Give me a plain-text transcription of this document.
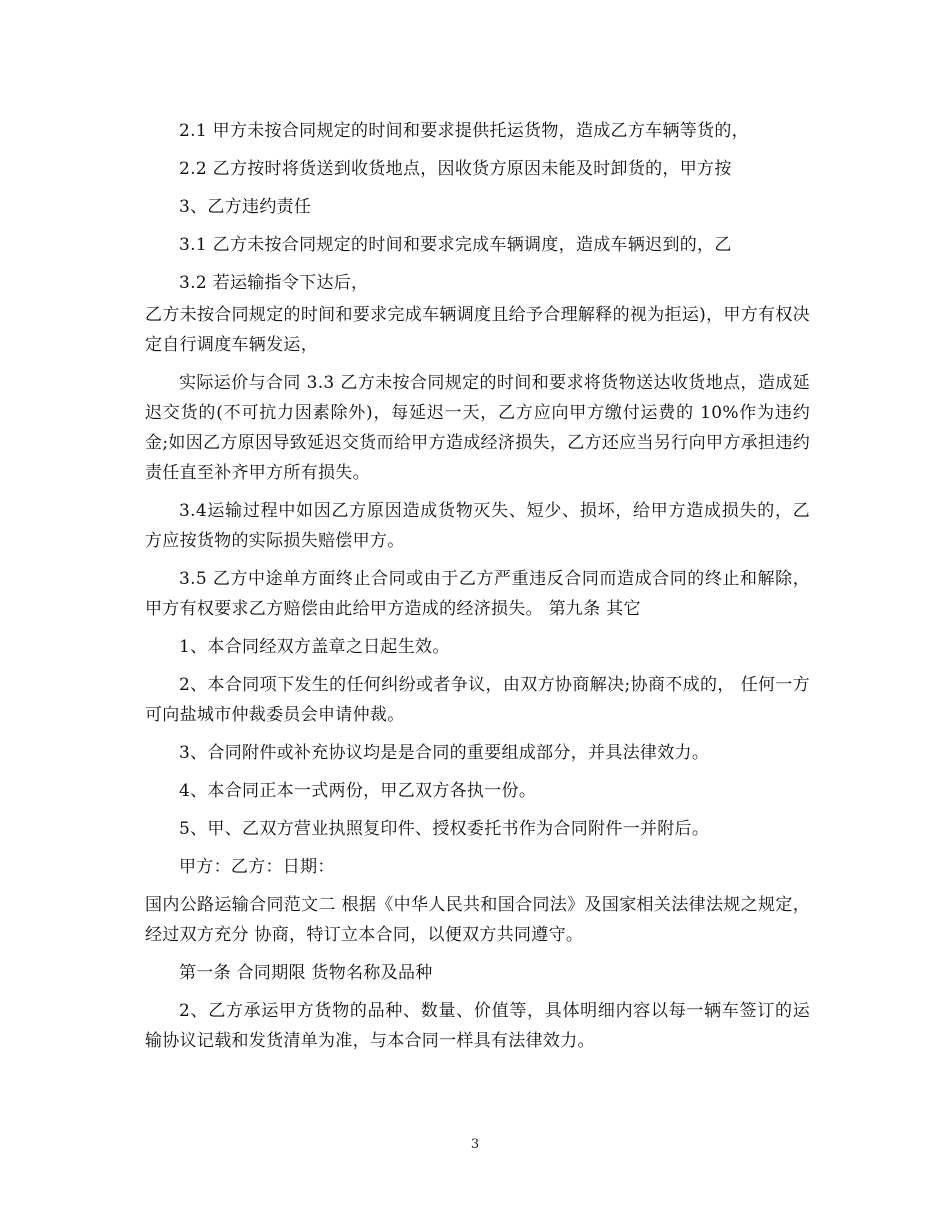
2.1 甲方未按合同规定的时间和要求提供托运货物，造成乙方车辆等货的，

2.2 乙方按时将货送到收货地点，因收货方原因未能及时卸货的，甲方按

3、乙方违约责任

3.1 乙方未按合同规定的时间和要求完成车辆调度，造成车辆迟到的，乙

3.2 若运输指令下达后，

乙方未按合同规定的时间和要求完成车辆调度且给予合理解释的视为拒运)，甲方有权决定自行调度车辆发运，

实际运价与合同 3.3 乙方未按合同规定的时间和要求将货物送达收货地点，造成延迟交货的(不可抗力因素除外)，每延迟一天，乙方应向甲方缴付运费的 10%作为违约金;如因乙方原因导致延迟交货而给甲方造成经济损失，乙方还应当另行向甲方承担违约责任直至补齐甲方所有损失。

3.4运输过程中如因乙方原因造成货物灭失、短少、损坏，给甲方造成损失的，乙方应按货物的实际损失赔偿甲方。

3.5 乙方中途单方面终止合同或由于乙方严重违反合同而造成合同的终止和解除， 甲方有权要求乙方赔偿由此给甲方造成的经济损失。 第九条 其它

1、本合同经双方盖章之日起生效。

2、本合同项下发生的任何纠纷或者争议，由双方协商解决;协商不成的， 任何一方可向盐城市仲裁委员会申请仲裁。

3、合同附件或补充协议均是是合同的重要组成部分，并具法律效力。

4、本合同正本一式两份，甲乙双方各执一份。

5、甲、乙双方营业执照复印件、授权委托书作为合同附件一并附后。

甲方：乙方：日期：

国内公路运输合同范文二 根据《中华人民共和国合同法》及国家相关法律法规之规定，经过双方充分 协商，特订立本合同，以便双方共同遵守。

第一条 合同期限 货物名称及品种

2、乙方承运甲方货物的品种、数量、价值等，具体明细内容以每一辆车签订的运输协议记载和发货清单为准，与本合同一样具有法律效力。

3
